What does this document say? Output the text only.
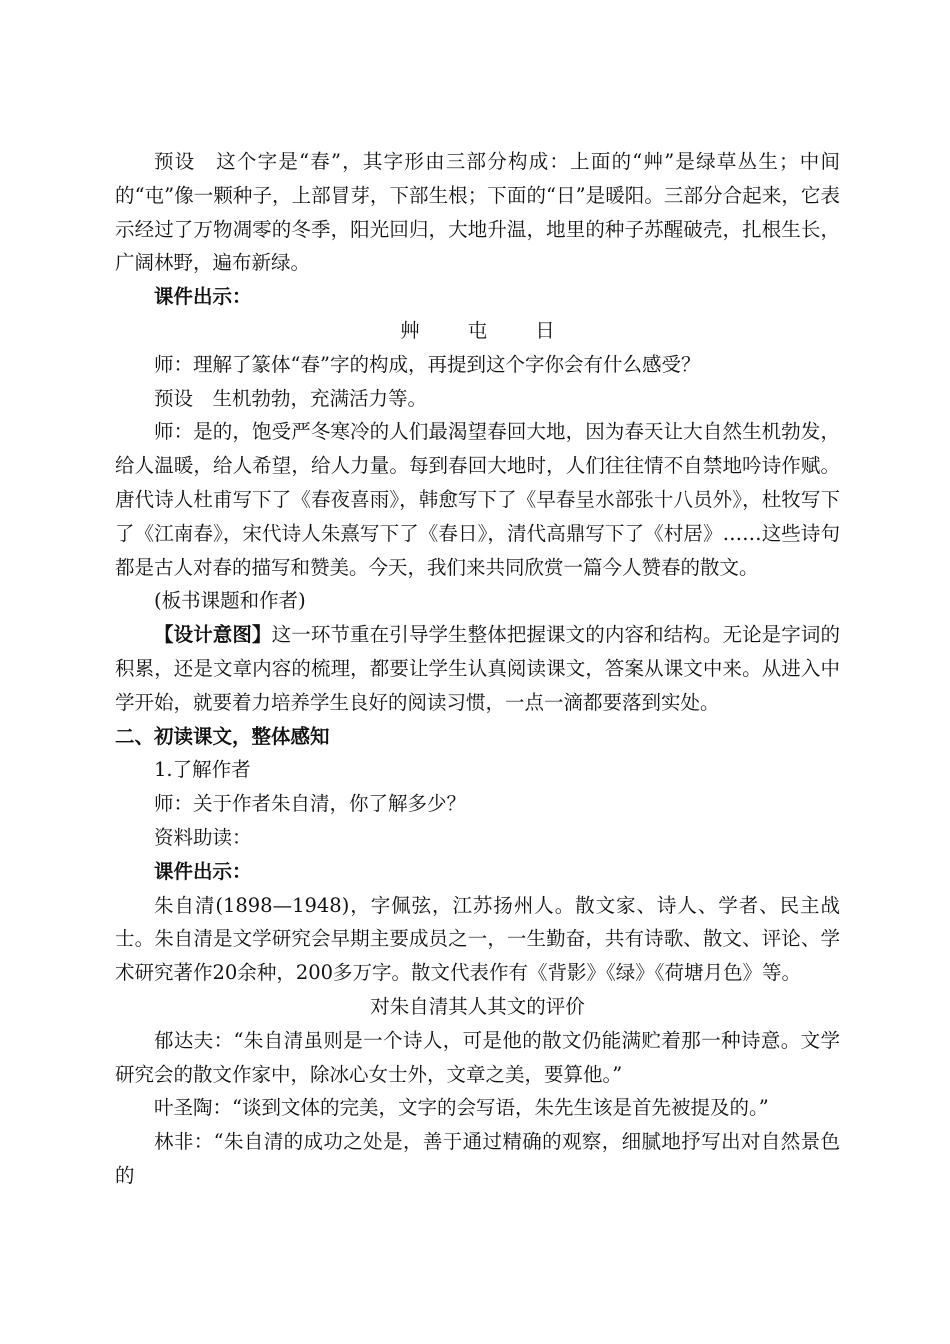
预设　这个字是“春”，其字形由三部分构成：上面的“艸”是绿草丛生；中间的“屯”像一颗种子，上部冒芽，下部生根；下面的“日”是暖阳。三部分合起来，它表示经过了万物凋零的冬季，阳光回归，大地升温，地里的种子苏醒破壳，扎根生长，广阔林野，遍布新绿。

课件出示：

艸 屯 日

师：理解了篆体“春”字的构成，再提到这个字你会有什么感受？

预设　生机勃勃，充满活力等。

师：是的，饱受严冬寒冷的人们最渴望春回大地，因为春天让大自然生机勃发，给人温暖，给人希望，给人力量。每到春回大地时，人们往往情不自禁地吟诗作赋。唐代诗人杜甫写下了《春夜喜雨》，韩愈写下了《早春呈水部张十八员外》，杜牧写下了《江南春》，宋代诗人朱熹写下了《春日》，清代高鼎写下了《村居》……这些诗句都是古人对春的描写和赞美。今天，我们来共同欣赏一篇今人赞春的散文。

(板书课题和作者)

【设计意图】这一环节重在引导学生整体把握课文的内容和结构。无论是字词的积累，还是文章内容的梳理，都要让学生认真阅读课文，答案从课文中来。从进入中学开始，就要着力培养学生良好的阅读习惯，一点一滴都要落到实处。

二、初读课文，整体感知

1.了解作者

师：关于作者朱自清，你了解多少？

资料助读：

课件出示：

朱自清(1898—1948)，字佩弦，江苏扬州人。散文家、诗人、学者、民主战士。朱自清是文学研究会早期主要成员之一，一生勤奋，共有诗歌、散文、评论、学术研究著作20余种，200多万字。散文代表作有《背影》《绿》《荷塘月色》等。

对朱自清其人其文的评价

郁达夫：“朱自清虽则是一个诗人，可是他的散文仍能满贮着那一种诗意。文学研究会的散文作家中，除冰心女士外，文章之美，要算他。”

叶圣陶：“谈到文体的完美，文字的会写语，朱先生该是首先被提及的。”

林非：“朱自清的成功之处是，善于通过精确的观察，细腻地抒写出对自然景色的
